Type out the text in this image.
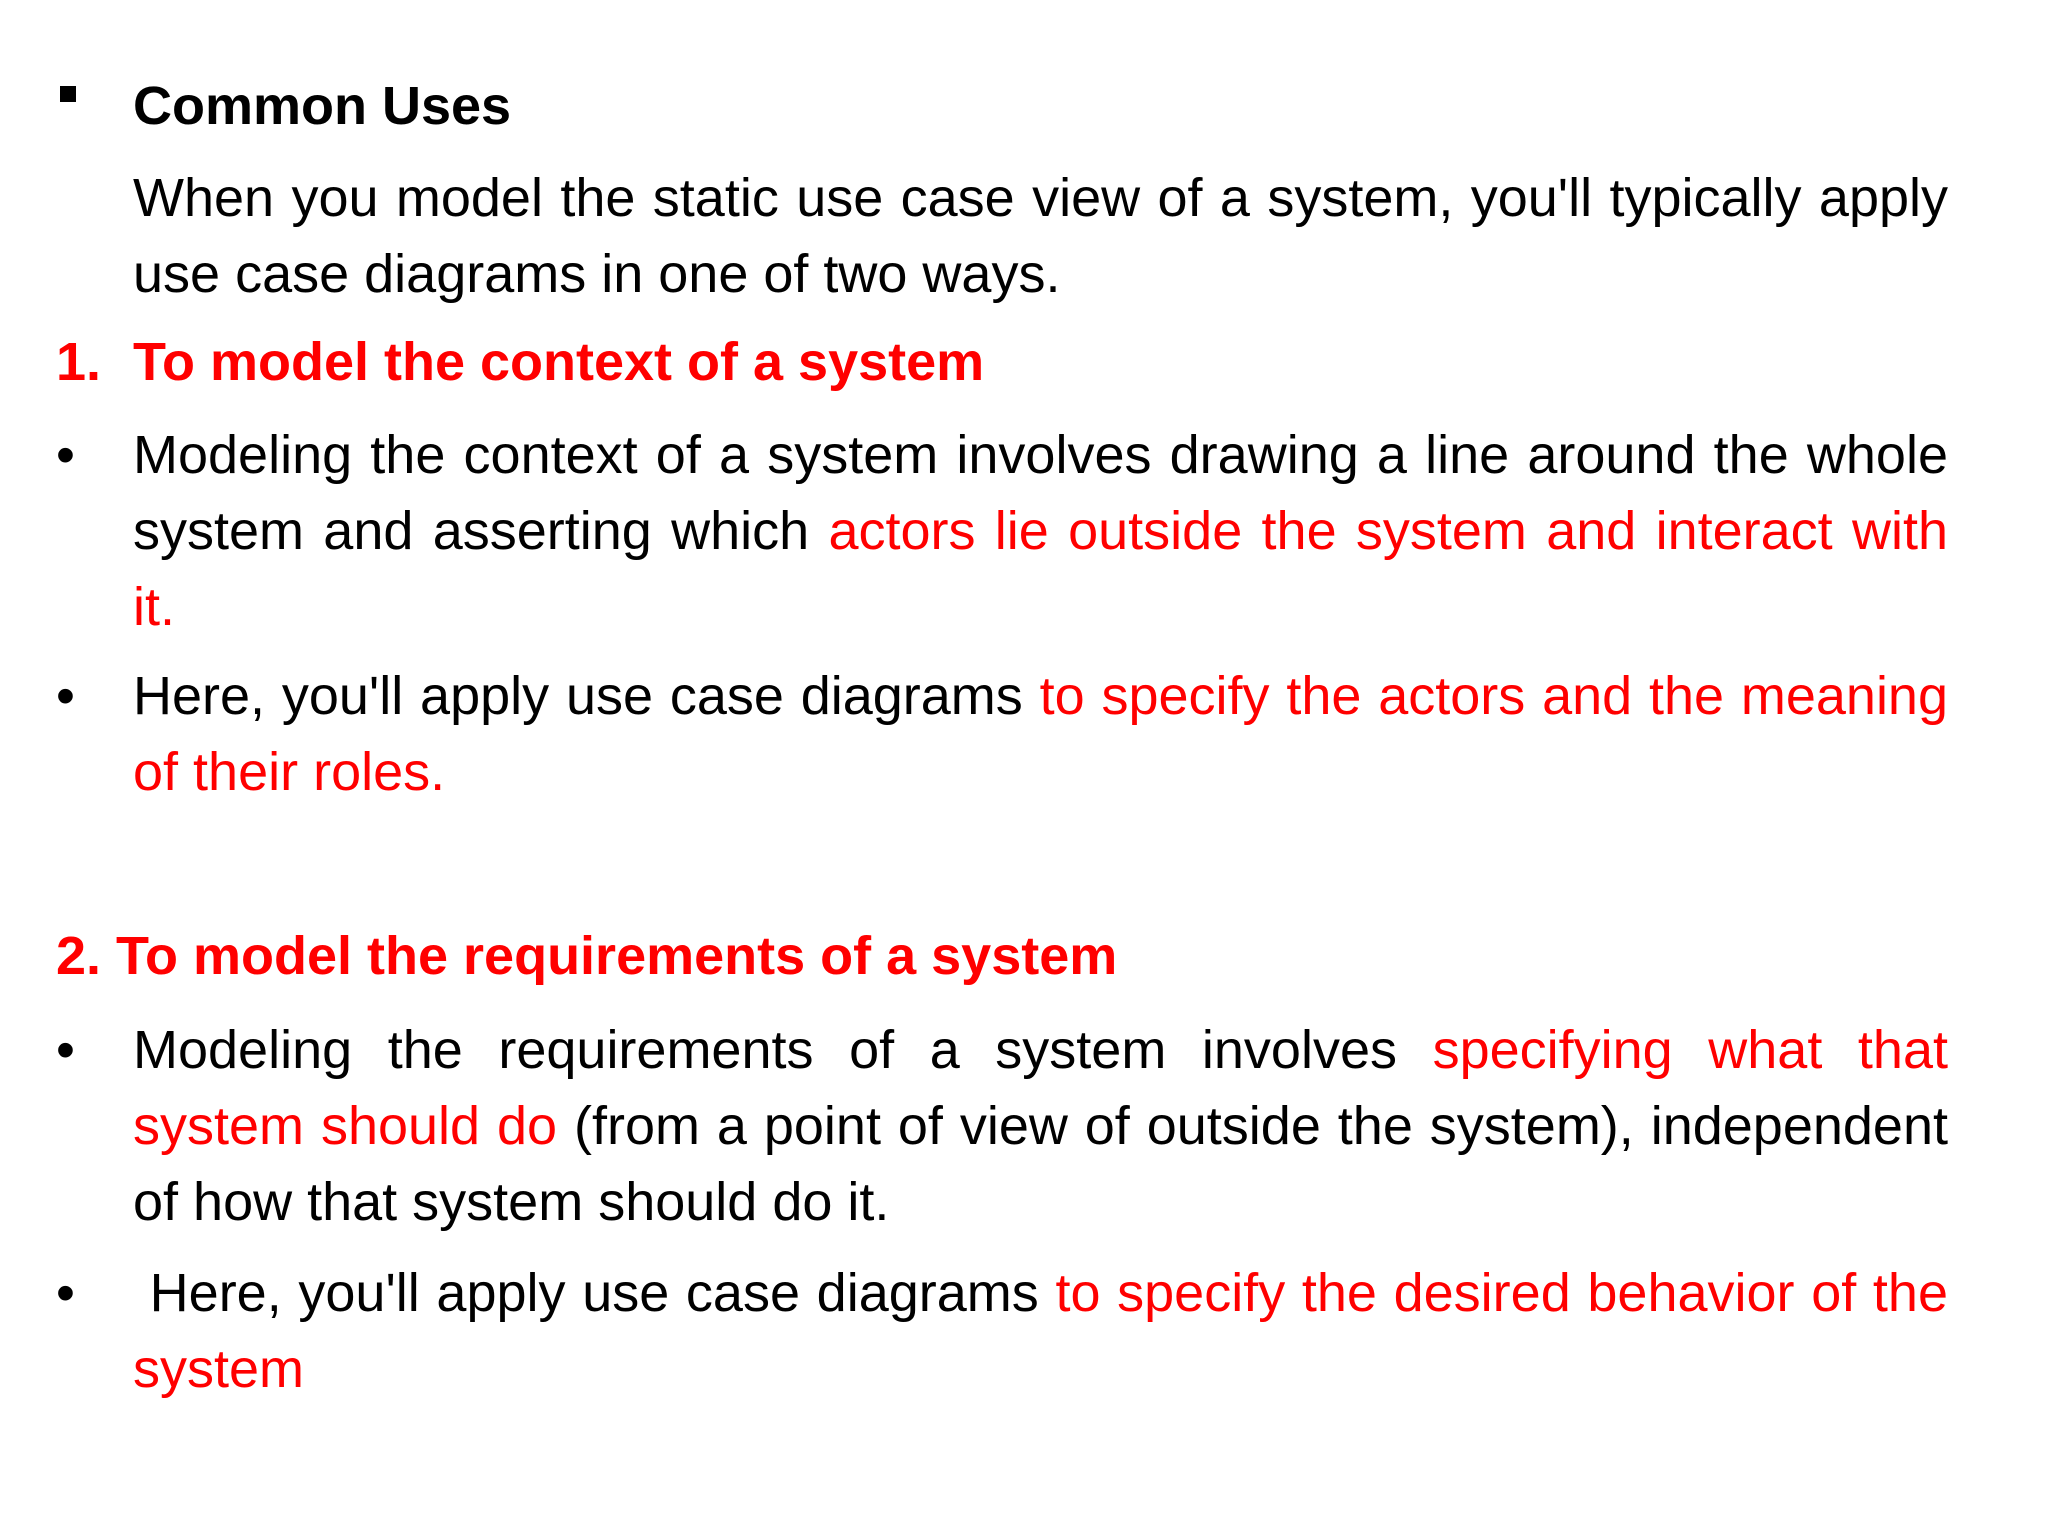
Common Uses
When you model the static use case view of a system, you'll typically apply use case diagrams in one of two ways.
1. To model the context of a system
• Modeling the context of a system involves drawing a line around the whole system and asserting which actors lie outside the system and interact with it.
• Here, you'll apply use case diagrams to specify the actors and the meaning of their roles.
2. To model the requirements of a system
• Modeling the requirements of a system involves specifying what that system should do (from a point of view of outside the system), independent of how that system should do it.
• Here, you'll apply use case diagrams to specify the desired behavior of the system
